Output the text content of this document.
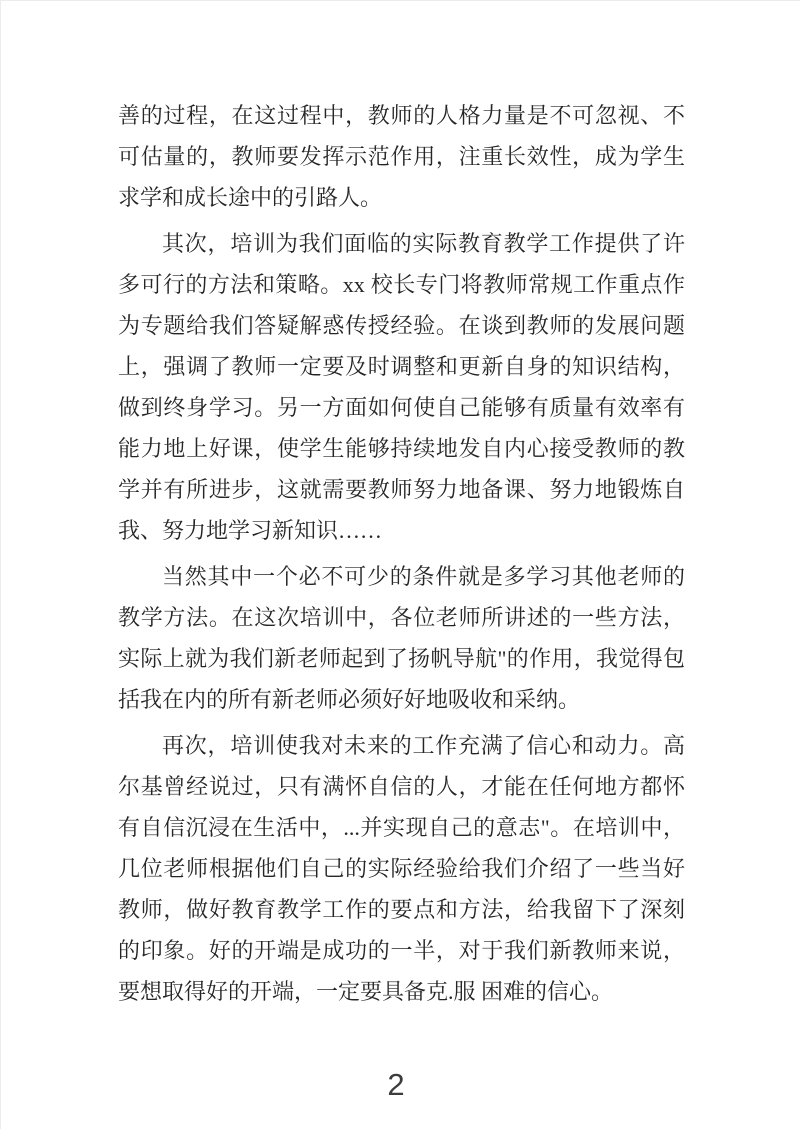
善的过程，在这过程中，教师的人格力量是不可忽视、不可估量的，教师要发挥示范作用，注重长效性，成为学生求学和成长途中的引路人。

其次，培训为我们面临的实际教育教学工作提供了许多可行的方法和策略。xx 校长专门将教师常规工作重点作为专题给我们答疑解惑传授经验。在谈到教师的发展问题上，强调了教师一定要及时调整和更新自身的知识结构，做到终身学习。另一方面如何使自己能够有质量有效率有能力地上好课，使学生能够持续地发自内心接受教师的教学并有所进步，这就需要教师努力地备课、努力地锻炼自我、努力地学习新知识……

当然其中一个必不可少的条件就是多学习其他老师的教学方法。在这次培训中，各位老师所讲述的一些方法，实际上就为我们新老师起到了扬帆导航"的作用，我觉得包括我在内的所有新老师必须好好地吸收和采纳。

再次，培训使我对未来的工作充满了信心和动力。高尔基曾经说过，只有满怀自信的人，才能在任何地方都怀有自信沉浸在生活中，...并实现自己的意志"。在培训中，几位老师根据他们自己的实际经验给我们介绍了一些当好教师，做好教育教学工作的要点和方法，给我留下了深刻的印象。好的开端是成功的一半，对于我们新教师来说，要想取得好的开端，一定要具备克.服 困难的信心。

2
